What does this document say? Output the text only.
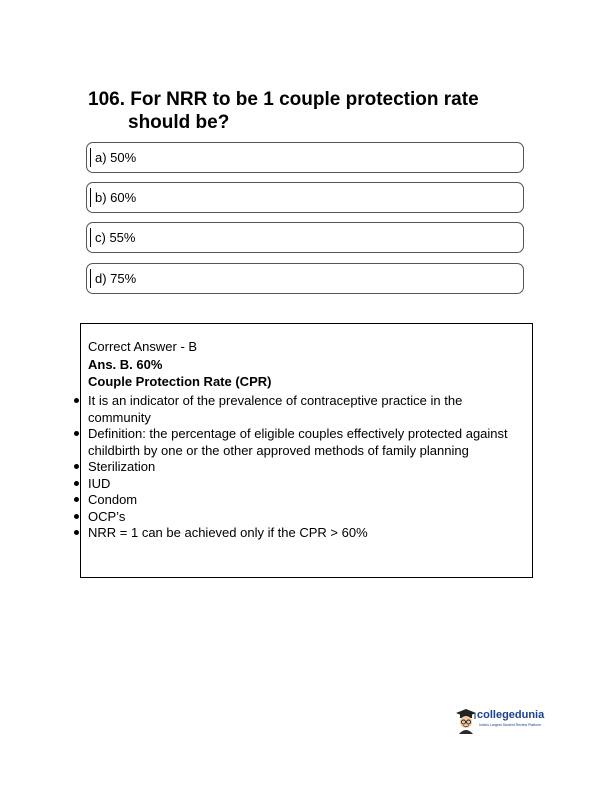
106. For NRR to be 1 couple protection rate
should be?
a) 50%
b) 60%
c) 55%
d) 75%
Correct Answer - B
Ans. B. 60%
Couple Protection Rate (CPR)
It is an indicator of the prevalence of contraceptive practice in the community
Definition: the percentage of eligible couples effectively protected against childbirth by one or the other approved methods of family planning
Sterilization
IUD
Condom
OCP’s
NRR = 1 can be achieved only if the CPR > 60%
collegedunia
India's Largest Student Review Platform
